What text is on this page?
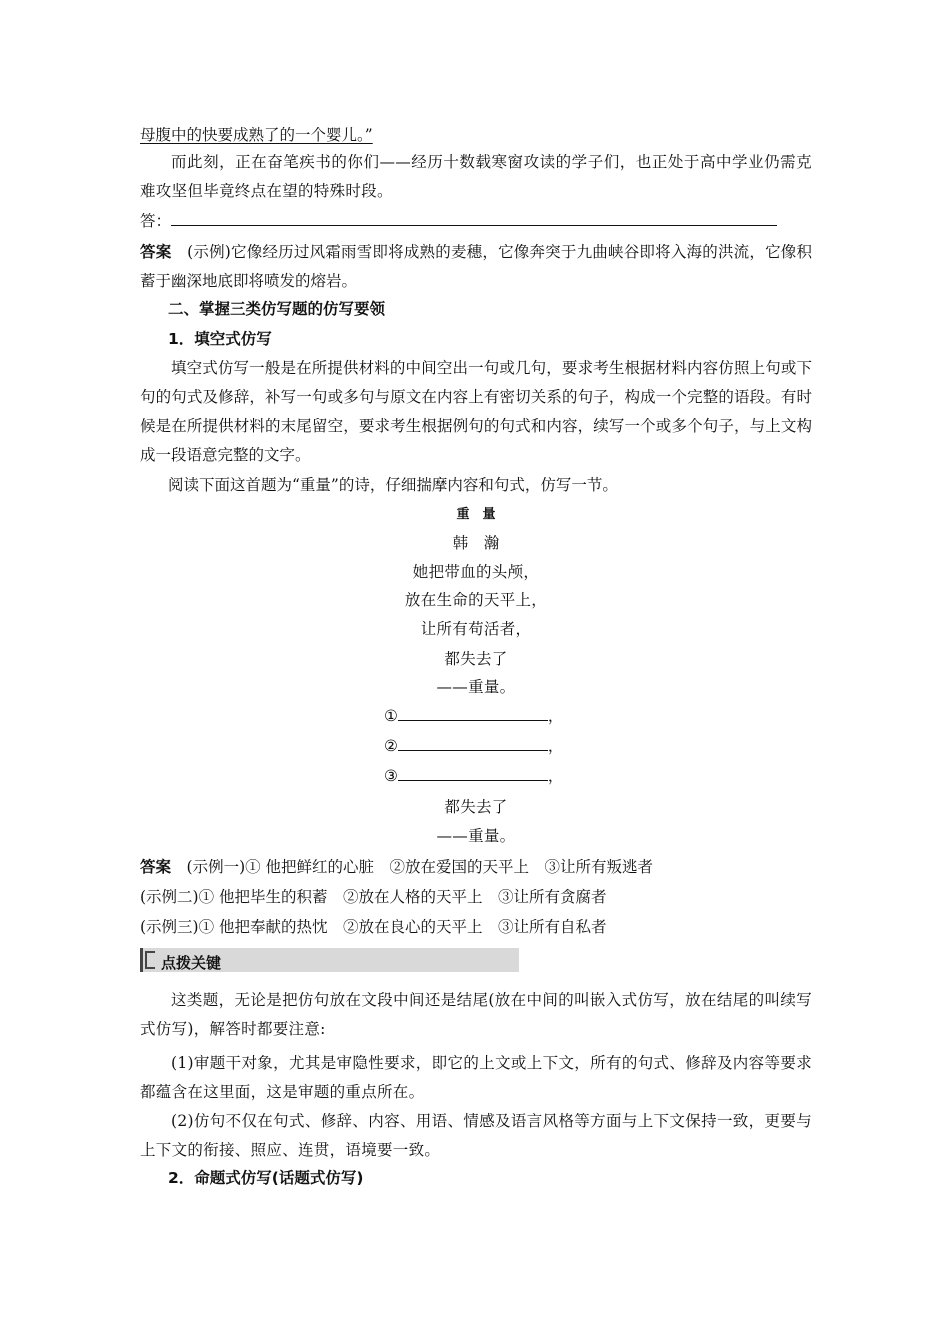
母腹中的快要成熟了的一个婴儿。”
而此刻，正在奋笔疾书的你们——经历十数载寒窗攻读的学子们，也正处于高中学业仍需克难攻坚但毕竟终点在望的特殊时段。
答：
答案　 (示例)它像经历过风霜雨雪即将成熟的麦穗，它像奔突于九曲峡谷即将入海的洪流，它像积蓄于幽深地底即将喷发的熔岩。
二、掌握三类仿写题的仿写要领
1．填空式仿写
填空式仿写一般是在所提供材料的中间空出一句或几句，要求考生根据材料内容仿照上句或下句的句式及修辞，补写一句或多句与原文在内容上有密切关系的句子，构成一个完整的语段。有时候是在所提供材料的末尾留空，要求考生根据例句的句式和内容，续写一个或多个句子，与上文构成一段语意完整的文字。
阅读下面这首题为“重量”的诗，仔细揣摩内容和句式，仿写一节。
重　量
韩　瀚
她把带血的头颅，
放在生命的天平上，
让所有苟活者，
都失去了
——重量。
①	，
②	，
③	，
都失去了
——重量。
答案　 (示例一)① 他把鲜红的心脏　②放在爱国的天平上　③让所有叛逃者
(示例二)① 他把毕生的积蓄　②放在人格的天平上　③让所有贪腐者
(示例三)① 他把奉献的热忱　②放在良心的天平上　③让所有自私者
点拨关键
这类题，无论是把仿句放在文段中间还是结尾(放在中间的叫嵌入式仿写，放在结尾的叫续写式仿写)，解答时都要注意:
(1)审题干对象，尤其是审隐性要求，即它的上文或上下文，所有的句式、修辞及内容等要求都蕴含在这里面，这是审题的重点所在。
(2)仿句不仅在句式、修辞、内容、用语、情感及语言风格等方面与上下文保持一致，更要与上下文的衔接、照应、连贯，语境要一致。
2．命题式仿写(话题式仿写)
